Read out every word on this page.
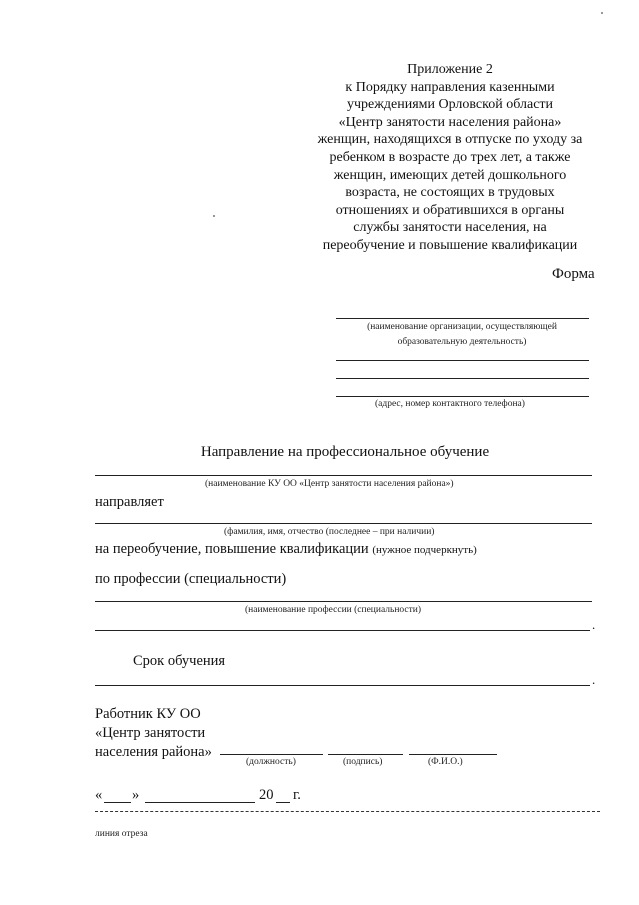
Приложение 2
к Порядку направления казенными
учреждениями Орловской области
«Центр занятости населения района»
женщин, находящихся в отпуске по уходу за
ребенком в возрасте до трех лет, а также
женщин, имеющих детей дошкольного
возраста, не состоящих в трудовых
отношениях и обратившихся в органы
службы занятости населения, на
переобучение и повышение квалификации
Форма
(наименование организации, осуществляющей образовательную деятельность)
(адрес, номер контактного телефона)
Направление на профессиональное обучение
(наименование КУ ОО «Центр занятости населения района»)
направляет
(фамилия, имя, отчество (последнее – при наличии)
на переобучение, повышение квалификации (нужное подчеркнуть)
по профессии (специальности)
(наименование профессии (специальности)
.
Срок обучения
.
Работник КУ ОО
«Центр занятости
населения района»
(должность)	(подпись)	(Ф.И.О.)
« »	20 г.
линия отреза
